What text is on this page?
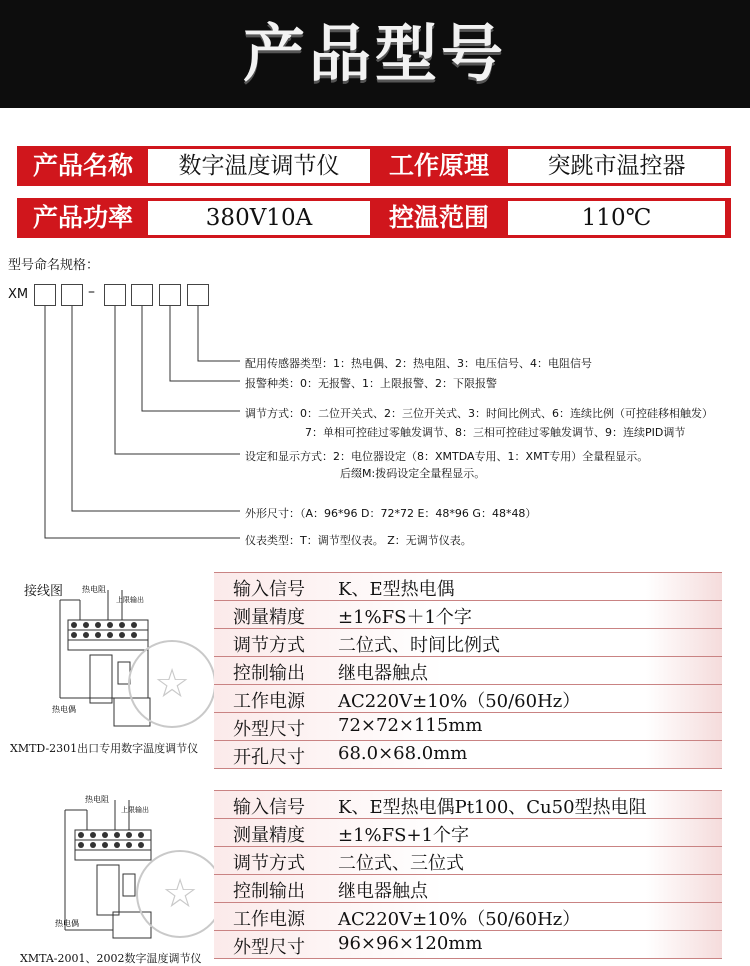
产品型号
产品名称	数字温度调节仪	工作原理	突跳市温控器
产品功率	380V10A	控温范围	110℃
型号命名规格：
XM	–
配用传感器类型：1：热电偶、2：热电阻、3：电压信号、4：电阻信号
报警种类：0：无报警、1：上限报警、2：下限报警
调节方式：0：二位开关式、2：三位开关式、3：时间比例式、6：连续比例（可控硅移相触发）
7：单相可控硅过零触发调节、8：三相可控硅过零触发调节、9：连续PID调节
设定和显示方式：2：电位器设定（8：XMTDA专用、1：XMT专用）全量程显示。
后缀M:拨码设定全量程显示。
外形尺寸：（A：96*96 D：72*72 E：48*96 G：48*48）
仪表类型：T：调节型仪表。 Z：无调节仪表。
接线图 热电阻
上限输出
热电偶
XMTD-2301出口专用数字温度调节仪
☆
输入信号 K、E型热电偶
测量精度 ±1%FS＋1个字
调节方式 二位式、时间比例式
控制输出 继电器触点
工作电源 AC220V±10%（50/60Hz）
外型尺寸 72×72×115mm
开孔尺寸 68.0×68.0mm
热电阻
上限输出
热电偶
XMTA-2001、2002数字温度调节仪
☆
输入信号 K、E型热电偶Pt100、Cu50型热电阻
测量精度 ±1%FS+1个字
调节方式 二位式、三位式
控制输出 继电器触点
工作电源 AC220V±10%（50/60Hz）
外型尺寸 96×96×120mm
